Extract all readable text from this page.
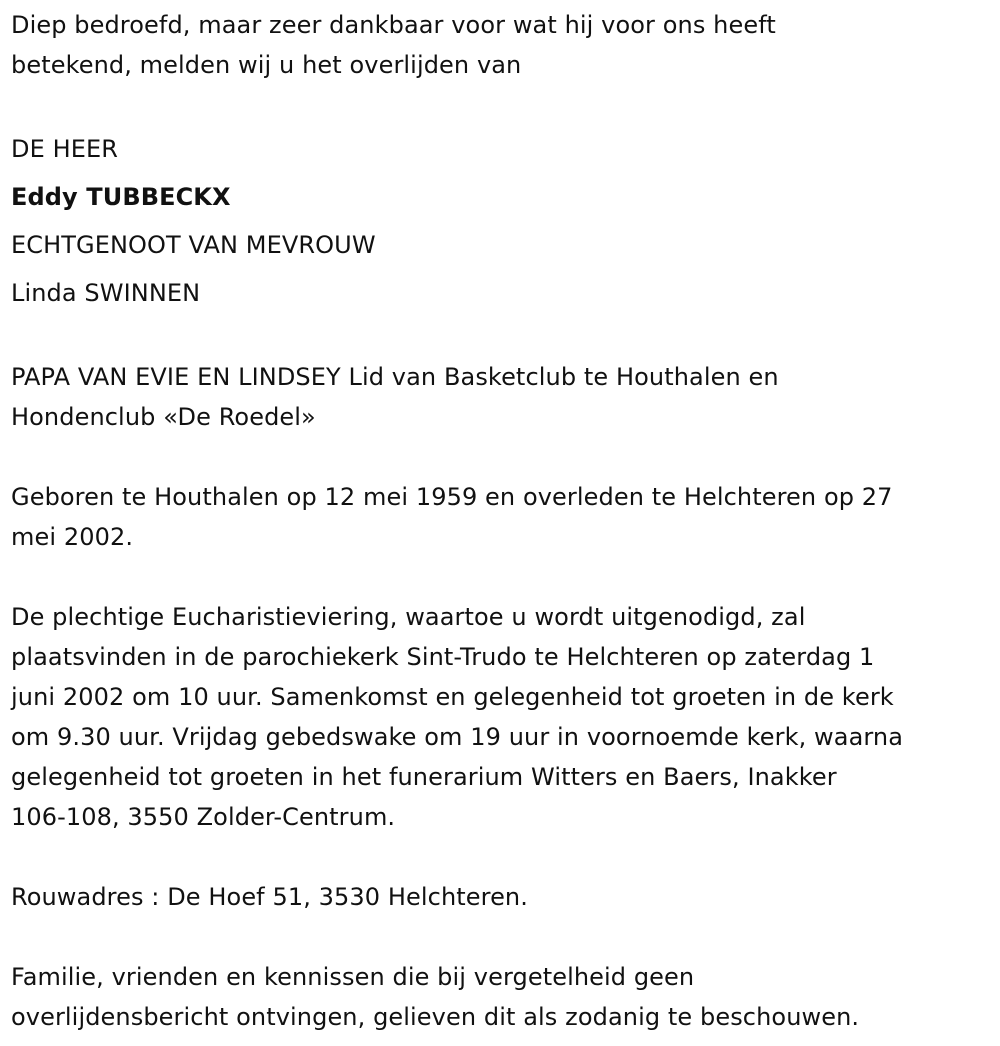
Diep bedroefd, maar zeer dankbaar voor wat hij voor ons heeft

betekend, melden wij u het overlijden van

DE HEER

Eddy TUBBECKX

ECHTGENOOT VAN MEVROUW

Linda SWINNEN

PAPA VAN EVIE EN LINDSEY Lid van Basketclub te Houthalen en

Hondenclub «De Roedel»

Geboren te Houthalen op 12 mei 1959 en overleden te Helchteren op 27

mei 2002.

De plechtige Eucharistieviering, waartoe u wordt uitgenodigd, zal

plaatsvinden in de parochiekerk Sint-Trudo te Helchteren op zaterdag 1

juni 2002 om 10 uur. Samenkomst en gelegenheid tot groeten in de kerk

om 9.30 uur. Vrijdag gebedswake om 19 uur in voornoemde kerk, waarna

gelegenheid tot groeten in het funerarium Witters en Baers, Inakker

106-108, 3550 Zolder-Centrum.

Rouwadres : De Hoef 51, 3530 Helchteren.

Familie, vrienden en kennissen die bij vergetelheid geen

overlijdensbericht ontvingen, gelieven dit als zodanig te beschouwen.
